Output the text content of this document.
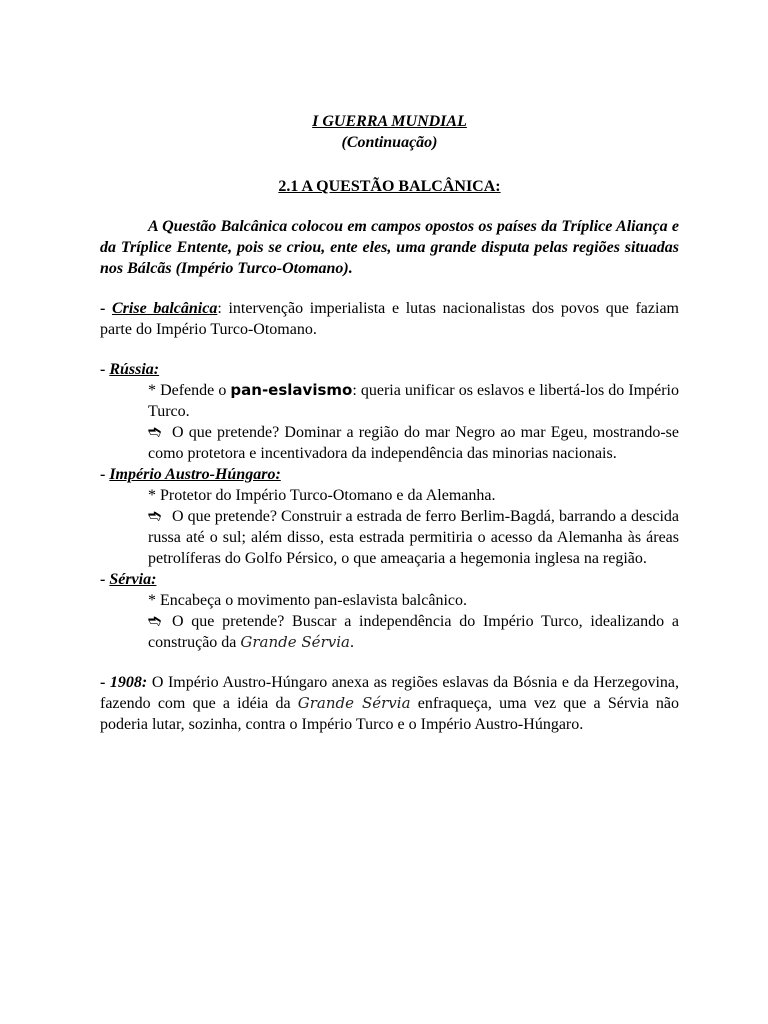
I GUERRA MUNDIAL
(Continuação)
2.1 A QUESTÃO BALCÂNICA:
A Questão Balcânica colocou em campos opostos os países da Tríplice Aliança e da Tríplice Entente, pois se criou, ente eles, uma grande disputa pelas regiões situadas nos Bálcãs (Império Turco-Otomano).
- Crise balcânica: intervenção imperialista e lutas nacionalistas dos povos que faziam parte do Império Turco-Otomano.
- Rússia:
* Defende o pan-eslavismo: queria unificar os eslavos e libertá-los do Império Turco.
➬ O que pretende? Dominar a região do mar Negro ao mar Egeu, mostrando-se como protetora e incentivadora da independência das minorias nacionais.
- Império Austro-Húngaro:
* Protetor do Império Turco-Otomano e da Alemanha.
➬ O que pretende? Construir a estrada de ferro Berlim-Bagdá, barrando a descida russa até o sul; além disso, esta estrada permitiria o acesso da Alemanha às áreas petrolíferas do Golfo Pérsico, o que ameaçaria a hegemonia inglesa na região.
- Sérvia:
* Encabeça o movimento pan-eslavista balcânico.
➬ O que pretende? Buscar a independência do Império Turco, idealizando a construção da Grande Sérvia.
- 1908: O Império Austro-Húngaro anexa as regiões eslavas da Bósnia e da Herzegovina, fazendo com que a idéia da Grande Sérvia enfraqueça, uma vez que a Sérvia não poderia lutar, sozinha, contra o Império Turco e o Império Austro-Húngaro.
